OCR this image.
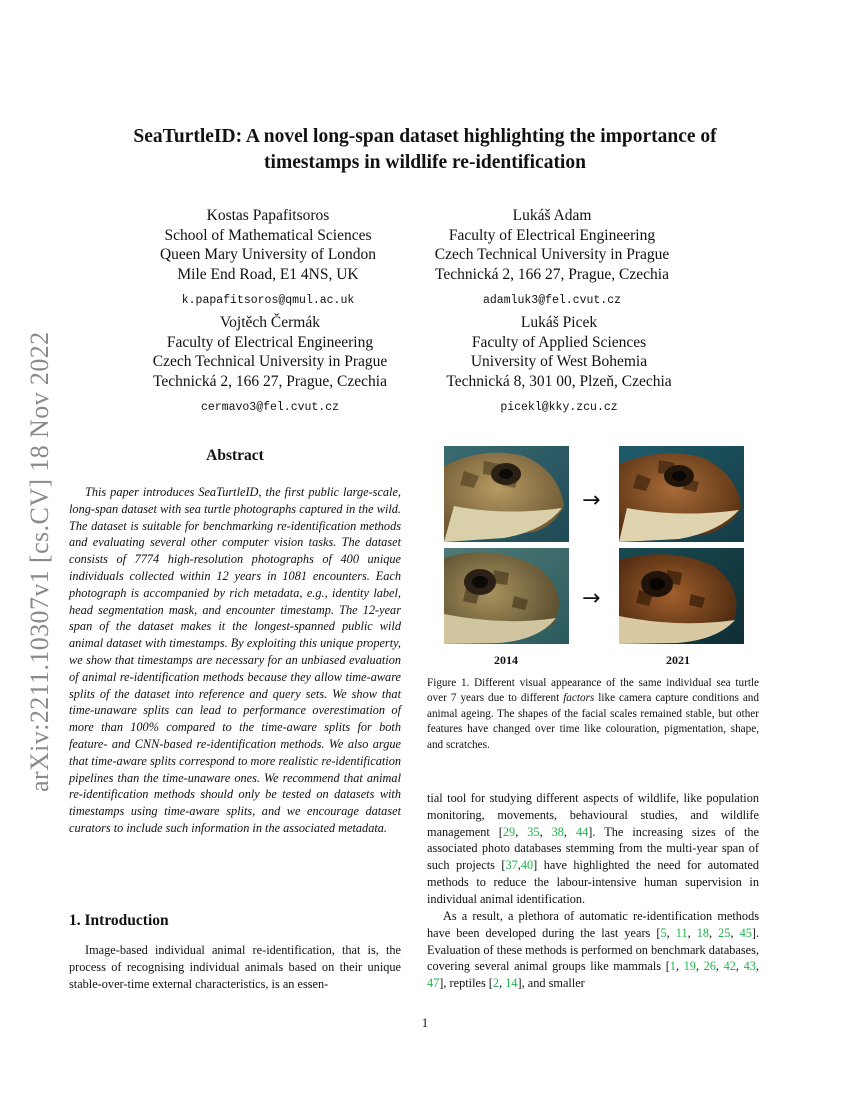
arXiv:2211.10307v1 [cs.CV] 18 Nov 2022
SeaTurtleID: A novel long-span dataset highlighting the importance of
timestamps in wildlife re-identification
Kostas Papafitsoros
School of Mathematical Sciences
Queen Mary University of London
Mile End Road, E1 4NS, UK
k.papafitsoros@qmul.ac.uk
Lukáš Adam
Faculty of Electrical Engineering
Czech Technical University in Prague
Technická 2, 166 27, Prague, Czechia
adamluk3@fel.cvut.cz
Vojtěch Čermák
Faculty of Electrical Engineering
Czech Technical University in Prague
Technická 2, 166 27, Prague, Czechia
cermavo3@fel.cvut.cz
Lukáš Picek
Faculty of Applied Sciences
University of West Bohemia
Technická 8, 301 00, Plzeň, Czechia
picekl@kky.zcu.cz
Abstract
This paper introduces SeaTurtleID, the first public large-scale, long-span dataset with sea turtle photographs captured in the wild. The dataset is suitable for benchmarking re-identification methods and evaluating several other computer vision tasks. The dataset consists of 7774 high-resolution photographs of 400 unique individuals collected within 12 years in 1081 encounters. Each photograph is accompanied by rich metadata, e.g., identity label, head segmentation mask, and encounter timestamp. The 12-year span of the dataset makes it the longest-spanned public wild animal dataset with timestamps. By exploiting this unique property, we show that timestamps are necessary for an unbiased evaluation of animal re-identification methods because they allow time-aware splits of the dataset into reference and query sets. We show that time-unaware splits can lead to performance overestimation of more than 100% compared to the time-aware splits for both feature- and CNN-based re-identification methods. We also argue that time-aware splits correspond to more realistic re-identification pipelines than the time-unaware ones. We recommend that animal re-identification methods should only be tested on datasets with timestamps using time-aware splits, and we encourage dataset curators to include such information in the associated metadata.
1. Introduction
Image-based individual animal re-identification, that is, the process of recognising individual animals based on their unique stable-over-time external characteristics, is an essen-
→
→
2014	2021
Figure 1. Different visual appearance of the same individual sea turtle over 7 years due to different factors like camera capture conditions and animal ageing. The shapes of the facial scales remained stable, but other features have changed over time like colouration, pigmentation, shape, and scratches.
tial tool for studying different aspects of wildlife, like population monitoring, movements, behavioural studies, and wildlife management [29, 35, 38, 44]. The increasing sizes of the associated photo databases stemming from the multi-year span of such projects [37,40] have highlighted the need for automated methods to reduce the labour-intensive human supervision in individual animal identification.
As a result, a plethora of automatic re-identification methods have been developed during the last years [5, 11, 18, 25, 45]. Evaluation of these methods is performed on benchmark databases, covering several animal groups like mammals [1, 19, 26, 42, 43, 47], reptiles [2, 14], and smaller
1
